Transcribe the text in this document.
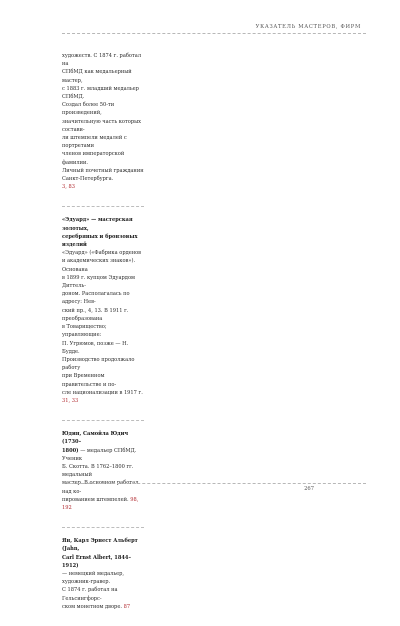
УКАЗАТЕЛЬ МАСТЕРОВ, ФИРМ

художеств. С 1874 г. работал на

СПбМД как медальерный мастер,

с 1883 г. младший медальер СПбМД.

Создал более 50-ти произведений,

значительную часть которых состави-

ли штемпели медалей с портретами

членов императорской фамилии.

Личный почетный гражданин

Санкт-Петербурга.

3, 83

«Эдуард» — мастерская золотых,

серебряных и бронзовых изделий

«Эдуард» («Фабрика орденов

и академических знаков»). Основана

в 1899 г. купцом Эдуардом Диттель-

доном. Располагалась по адресу: Нев-

ский пр., 4, 13. В 1911 г. преобразована

в Товарищество; управляющие:

П. Угрюмов, позже — Н. Будде.

Производство продолжало работу

при Временном правительстве и по-

сле национализации в 1917 г. 31, 33

Юдин, Самойла Юдич (1730–

1800) — медальер СПбМД. Ученик

Б. Скотта. В 1762–1800 гг. медальный

мастер. В основном работал над ко-

пированием штемпелей. 98, 192

Ян, Карл Эрнест Альберт (Jahn,

Carl Ernst Albert, 1844–1912)

— немецкий медальер, художник-гравер.

С 1874 г. работал на Гельсингфорс-

ском монетном дворе. 87

267
